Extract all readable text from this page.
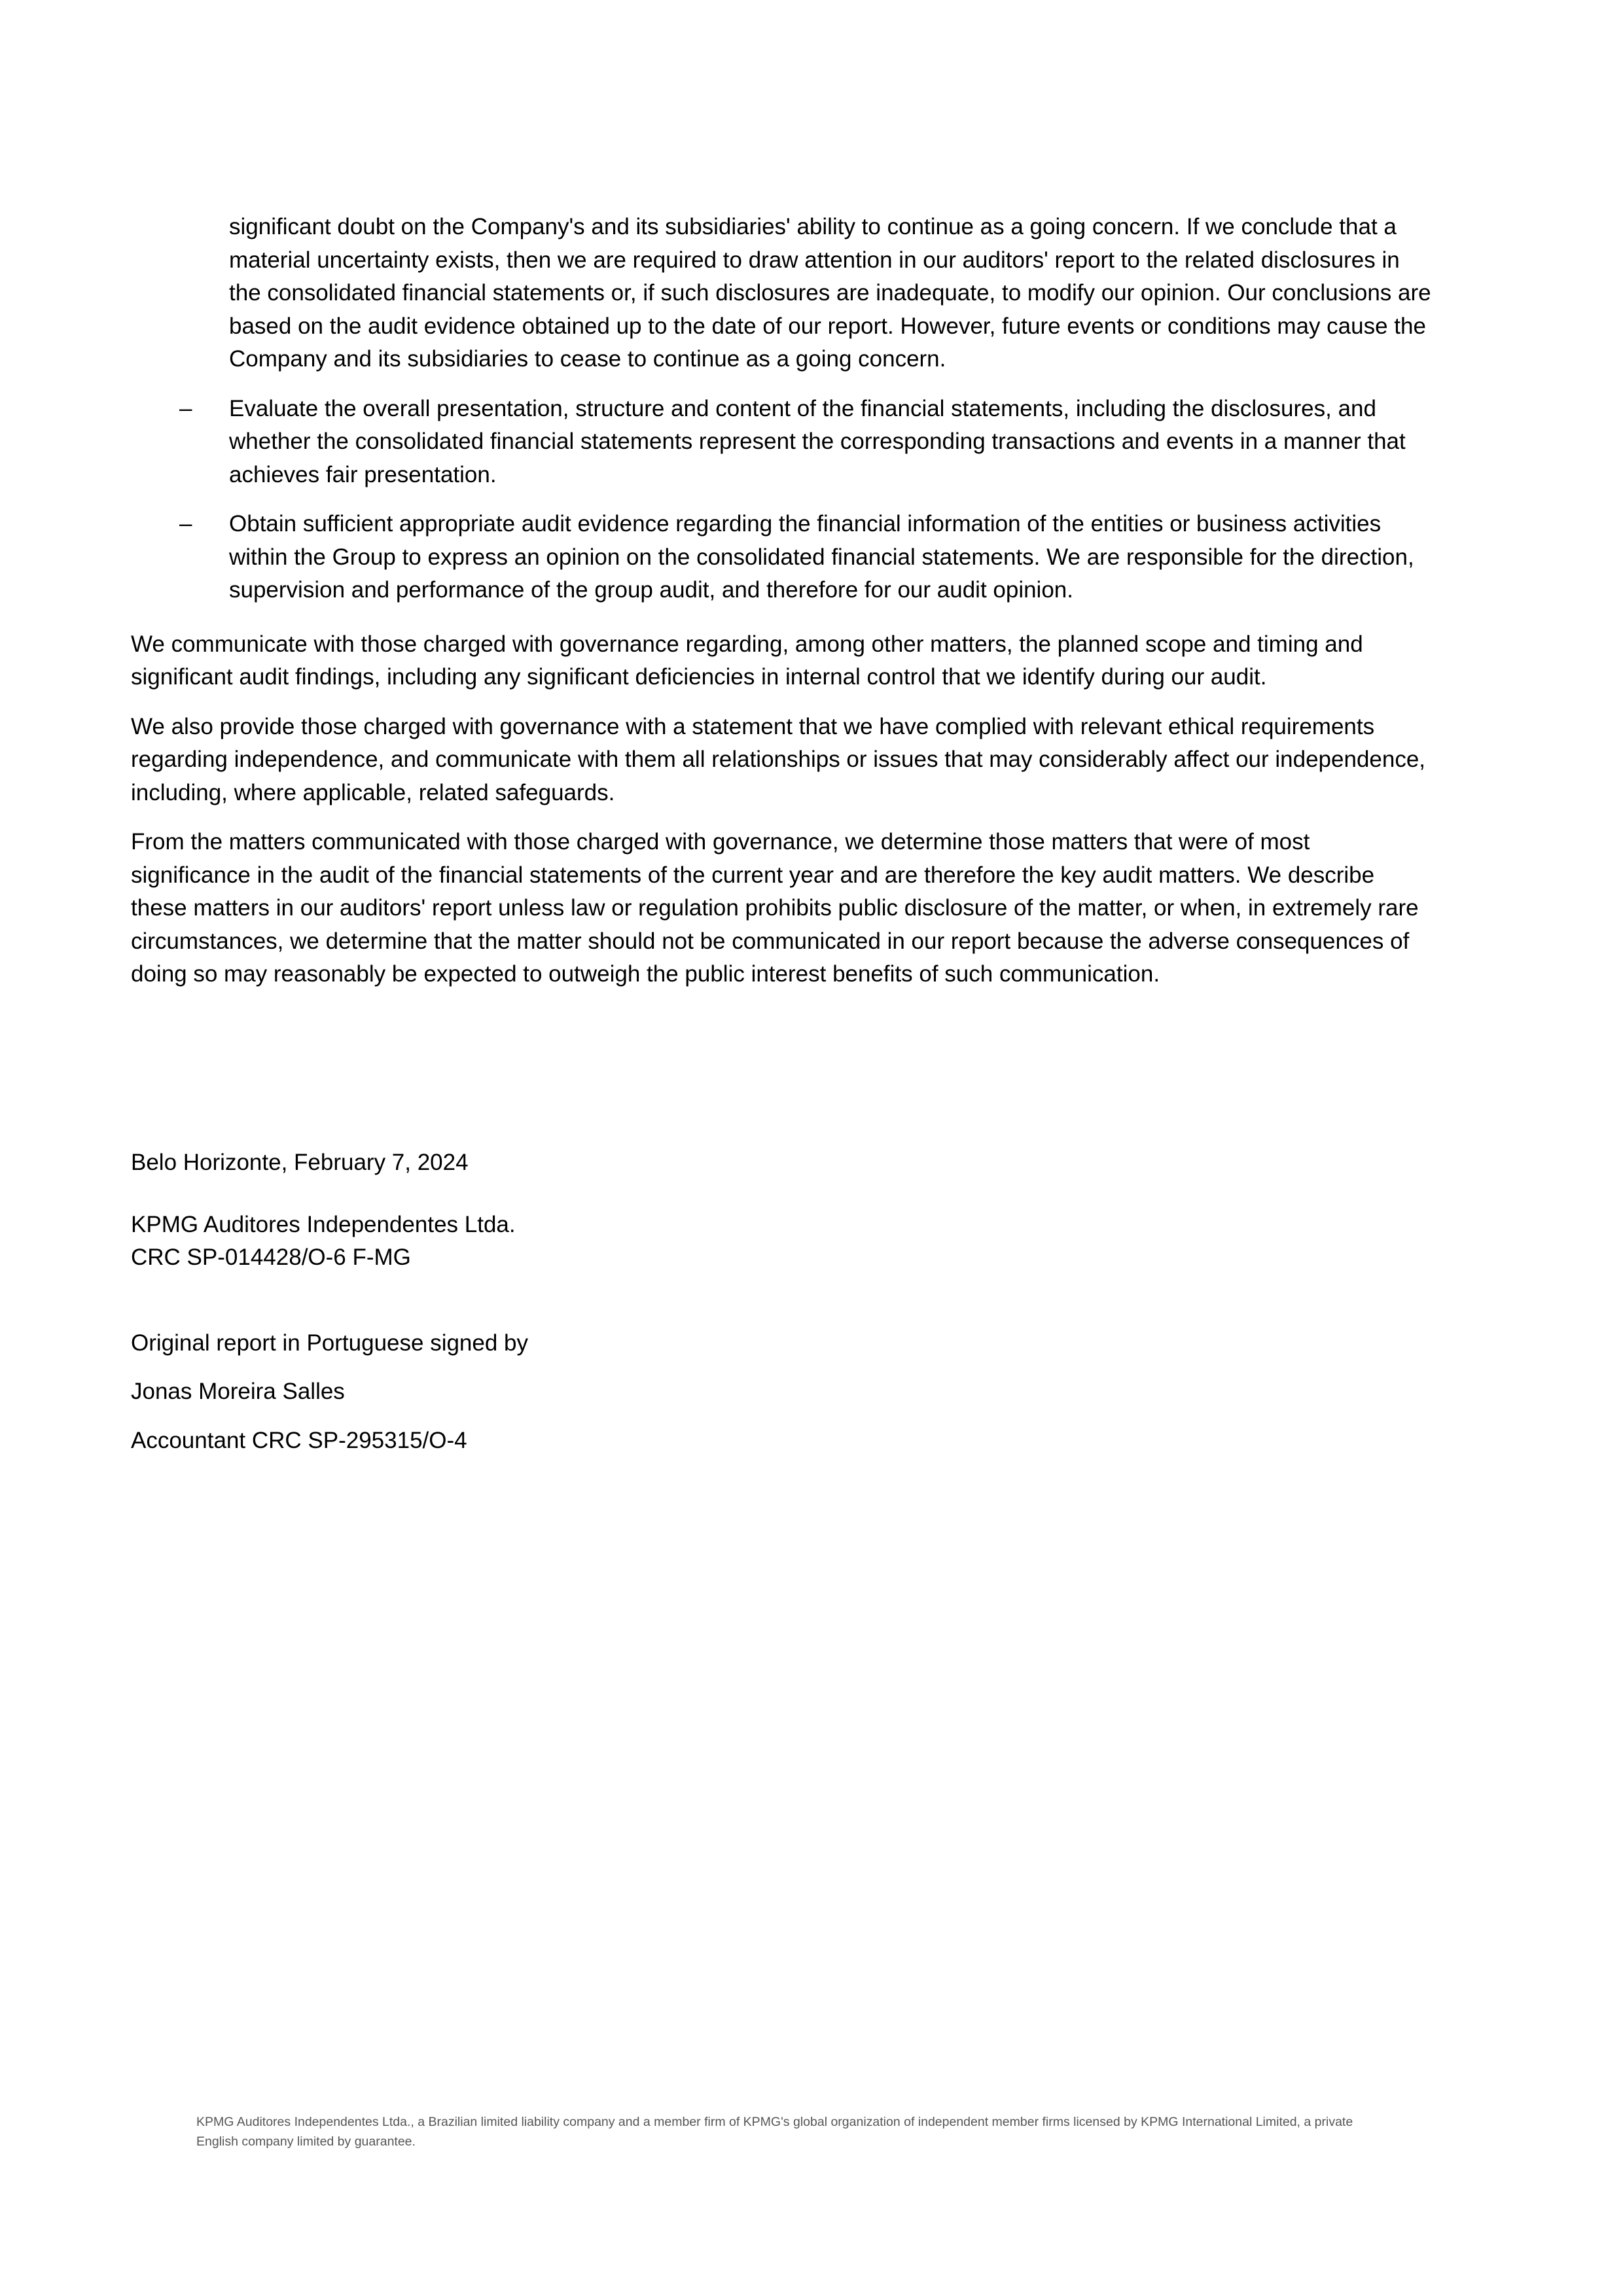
significant doubt on the Company's and its subsidiaries' ability to continue as a going concern. If we conclude that a material uncertainty exists, then we are required to draw attention in our auditors' report to the related disclosures in the consolidated financial statements or, if such disclosures are inadequate, to modify our opinion. Our conclusions are based on the audit evidence obtained up to the date of our report. However, future events or conditions may cause the Company and its subsidiaries to cease to continue as a going concern.

– Evaluate the overall presentation, structure and content of the financial statements, including the disclosures, and whether the consolidated financial statements represent the corresponding transactions and events in a manner that achieves fair presentation.
– Obtain sufficient appropriate audit evidence regarding the financial information of the entities or business activities within the Group to express an opinion on the consolidated financial statements. We are responsible for the direction, supervision and performance of the group audit, and therefore for our audit opinion.

We communicate with those charged with governance regarding, among other matters, the planned scope and timing and significant audit findings, including any significant deficiencies in internal control that we identify during our audit.

We also provide those charged with governance with a statement that we have complied with relevant ethical requirements regarding independence, and communicate with them all relationships or issues that may considerably affect our independence, including, where applicable, related safeguards.

From the matters communicated with those charged with governance, we determine those matters that were of most significance in the audit of the financial statements of the current year and are therefore the key audit matters. We describe these matters in our auditors' report unless law or regulation prohibits public disclosure of the matter, or when, in extremely rare circumstances, we determine that the matter should not be communicated in our report because the adverse consequences of doing so may reasonably be expected to outweigh the public interest benefits of such communication.

Belo Horizonte, February 7, 2024

KPMG Auditores Independentes Ltda.

CRC SP-014428/O-6 F-MG

Original report in Portuguese signed by

Jonas Moreira Salles

Accountant CRC SP-295315/O-4

KPMG Auditores Independentes Ltda., a Brazilian limited liability company and a member firm of KPMG's global organization of independent member firms licensed by KPMG International Limited, a private English company limited by guarantee.
